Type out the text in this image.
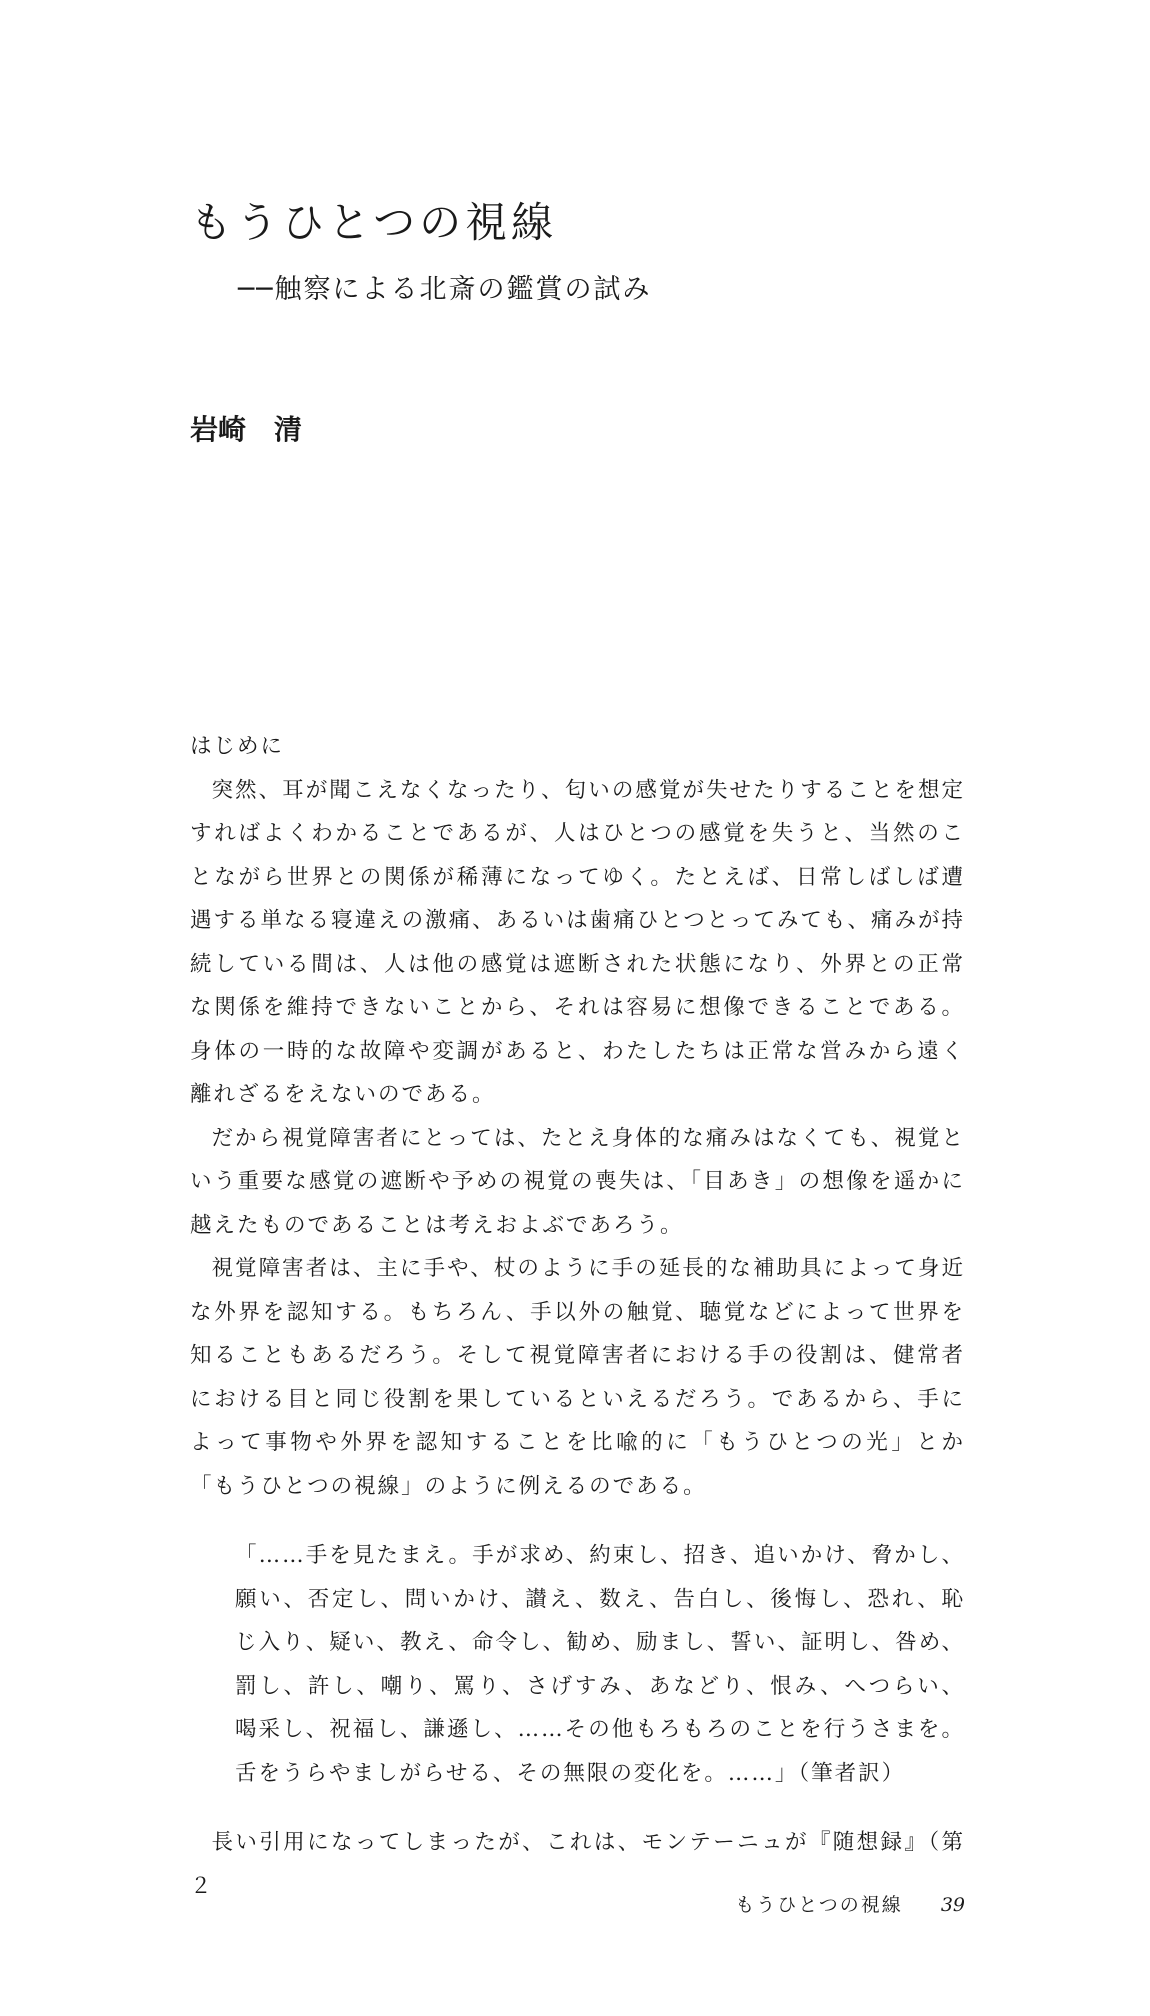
もうひとつの視線
──触察による北斎の鑑賞の試み
岩崎 清
はじめに

突然、耳が聞こえなくなったり、匂いの感覚が失せたりすることを想定すればよくわかることであるが、人はひとつの感覚を失うと、当然のことながら世界との関係が稀薄になってゆく。たとえば、日常しばしば遭遇する単なる寝違えの激痛、あるいは歯痛ひとつとってみても、痛みが持続している間は、人は他の感覚は遮断された状態になり、外界との正常な関係を維持できないことから、それは容易に想像できることである。身体の一時的な故障や変調があると、わたしたちは正常な営みから遠く離れざるをえないのである。

だから視覚障害者にとっては、たとえ身体的な痛みはなくても、視覚という重要な感覚の遮断や予めの視覚の喪失は、「目あき」の想像を遥かに越えたものであることは考えおよぶであろう。

視覚障害者は、主に手や、杖のように手の延長的な補助具によって身近な外界を認知する。もちろん、手以外の触覚、聴覚などによって世界を知ることもあるだろう。そして視覚障害者における手の役割は、健常者における目と同じ役割を果しているといえるだろう。であるから、手によって事物や外界を認知することを比喩的に「もうひとつの光」とか「もうひとつの視線」のように例えるのである。

「……手を見たまえ。手が求め、約束し、招き、追いかけ、脅かし、願い、否定し、問いかけ、讃え、数え、告白し、後悔し、恐れ、恥じ入り、疑い、教え、命令し、勧め、励まし、誓い、証明し、咎め、罰し、許し、嘲り、罵り、さげすみ、あなどり、恨み、へつらい、喝采し、祝福し、謙遜し、……その他もろもろのことを行うさまを。舌をうらやましがらせる、その無限の変化を。……」（筆者訳）

長い引用になってしまったが、これは、モンテーニュが『随想録』（第２

もうひとつの視線 39
